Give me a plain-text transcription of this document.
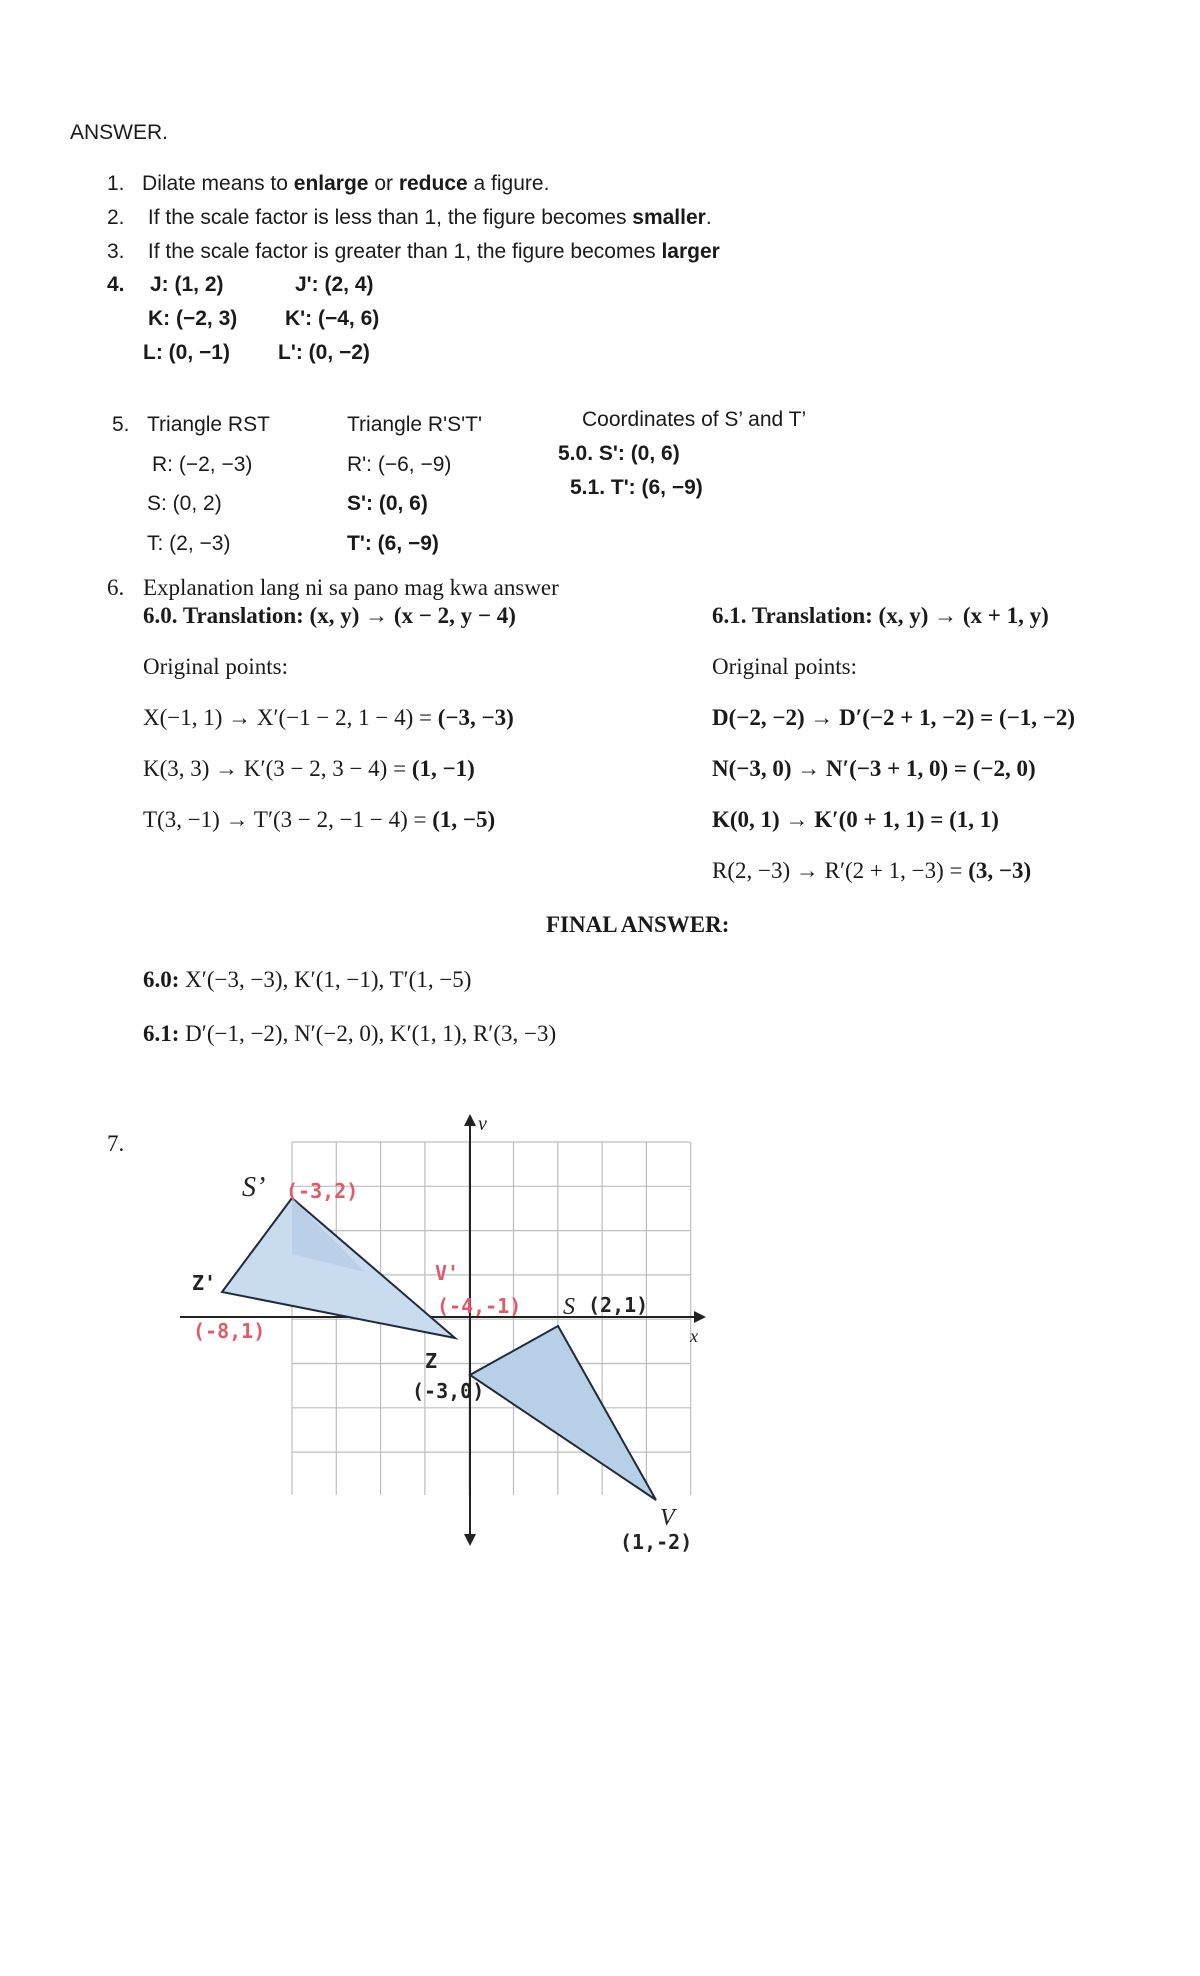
ANSWER.
1. Dilate means to enlarge or reduce a figure.
2. If the scale factor is less than 1, the figure becomes smaller.
3. If the scale factor is greater than 1, the figure becomes larger
4. J: (1, 2)	J': (2, 4)
K: (−2, 3) K': (−4, 6)
L: (0, −1) L': (0, −2)
5. Triangle RST
R: (−2, −3)
S: (0, 2)
T: (2, −3)
Triangle R'S'T'
R': (−6, −9)
S': (0, 6)
T': (6, −9)
Coordinates of S’ and T’
5.0. S': (0, 6)
5.1. T': (6, −9)
6. Explanation lang ni sa pano mag kwa answer
6.0. Translation: (x, y) → (x − 2, y − 4)
Original points:
X(−1, 1) → X′(−1 − 2, 1 − 4) = (−3, −3)
K(3, 3) → K′(3 − 2, 3 − 4) = (1, −1)
T(3, −1) → T′(3 − 2, −1 − 4) = (1, −5)
6.1. Translation: (x, y) → (x + 1, y)
Original points:
D(−2, −2) → D′(−2 + 1, −2) = (−1, −2)
N(−3, 0) → N′(−3 + 1, 0) = (−2, 0)
K(0, 1) → K′(0 + 1, 1) = (1, 1)
R(2, −3) → R′(2 + 1, −3) = (3, −3)
FINAL ANSWER:
6.0: X′(−3, −3), K′(1, −1), T′(1, −5)
6.1: D′(−1, −2), N′(−2, 0), K′(1, 1), R′(3, −3)
7.
v
x
S’ (-3,2)
Z'
(-8,1)
V'
(-4,-1) S (2,1)
Z
(-3,0)
V
(1,-2)
